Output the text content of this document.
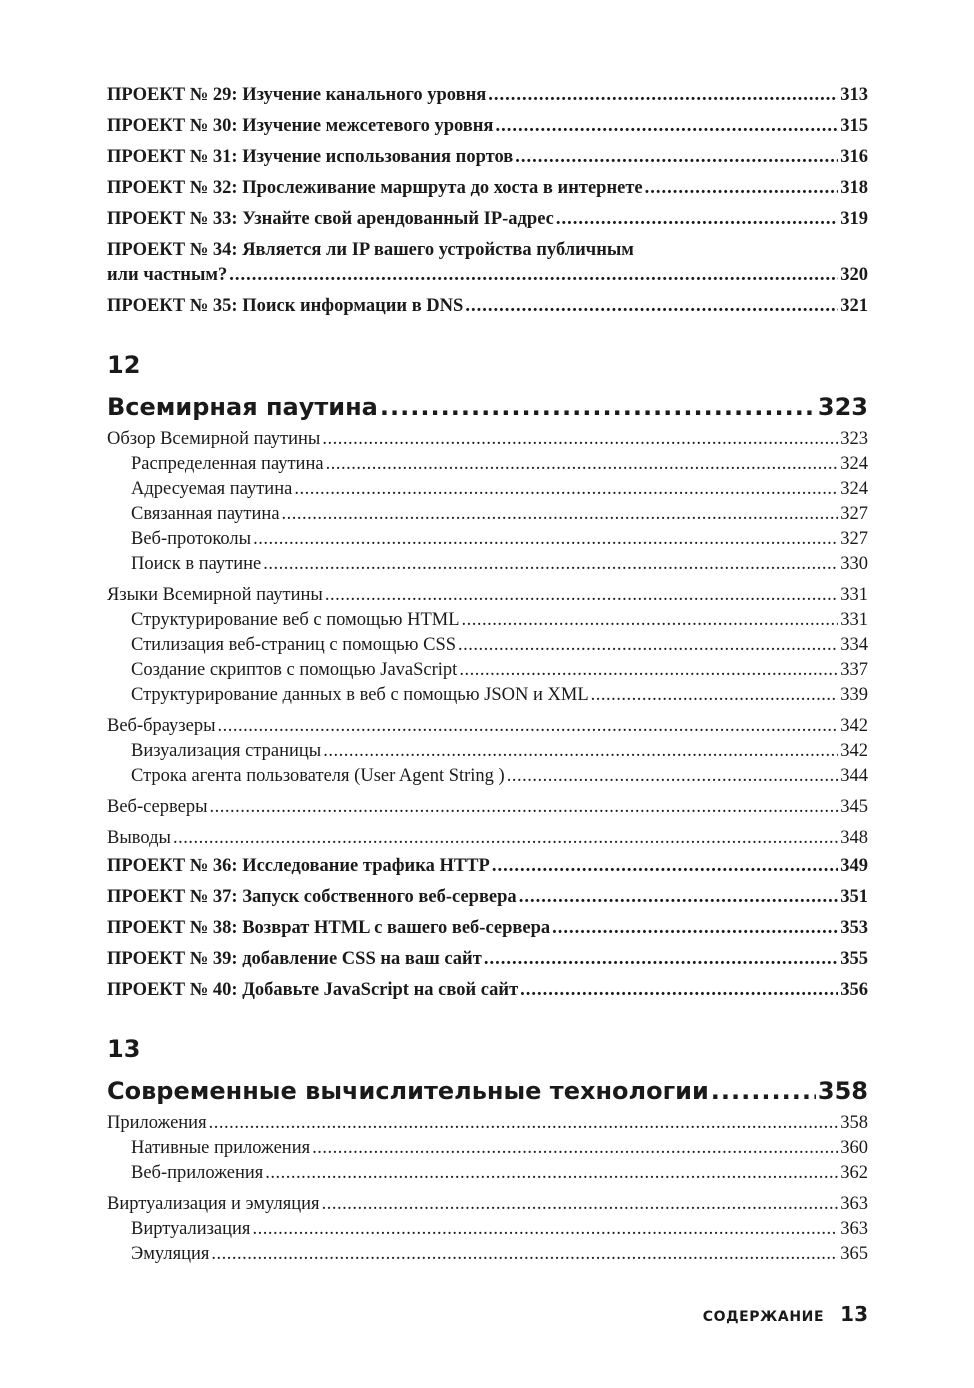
ПРОЕКТ № 29: Изучение канального уровня .....	313
ПРОЕКТ № 30: Изучение межсетевого уровня .....	315
ПРОЕКТ № 31: Изучение использования портов .....	316
ПРОЕКТ № 32: Прослеживание маршрута до хоста в интернете .....	318
ПРОЕКТ № 33: Узнайте свой арендованный IP-адрес .....	319
ПРОЕКТ № 34: Является ли IP вашего устройства публичным
или частным? .....	320
ПРОЕКТ № 35: Поиск информации в DNS .....	321
12
Всемирная паутина .....	323
Обзор Всемирной паутины .....	323
Распределенная паутина .....	324
Адресуемая паутина .....	324
Связанная паутина .....	327
Веб-протоколы .....	327
Поиск в паутине .....	330
Языки Всемирной паутины .....	331
Структурирование веб с помощью HTML .....	331
Стилизация веб-страниц с помощью CSS .....	334
Создание скриптов с помощью JavaScript .....	337
Структурирование данных в веб с помощью JSON и XML .....	339
Веб-браузеры .....	342
Визуализация страницы .....	342
Строка агента пользователя (User Agent String ) .....	344
Веб-серверы .....	345
Выводы .....	348
ПРОЕКТ № 36: Исследование трафика HTTP .....	349
ПРОЕКТ № 37: Запуск собственного веб-сервера .....	351
ПРОЕКТ № 38: Возврат HTML с вашего веб-сервера .....	353
ПРОЕКТ № 39: добавление CSS на ваш сайт .....	355
ПРОЕКТ № 40: Добавьте JavaScript на свой сайт .....	356
13
Современные вычислительные технологии .....	358
Приложения .....	358
Нативные приложения .....	360
Веб-приложения .....	362
Виртуализация и эмуляция .....	363
Виртуализация .....	363
Эмуляция .....	365
СОДЕРЖАНИЕ 13
